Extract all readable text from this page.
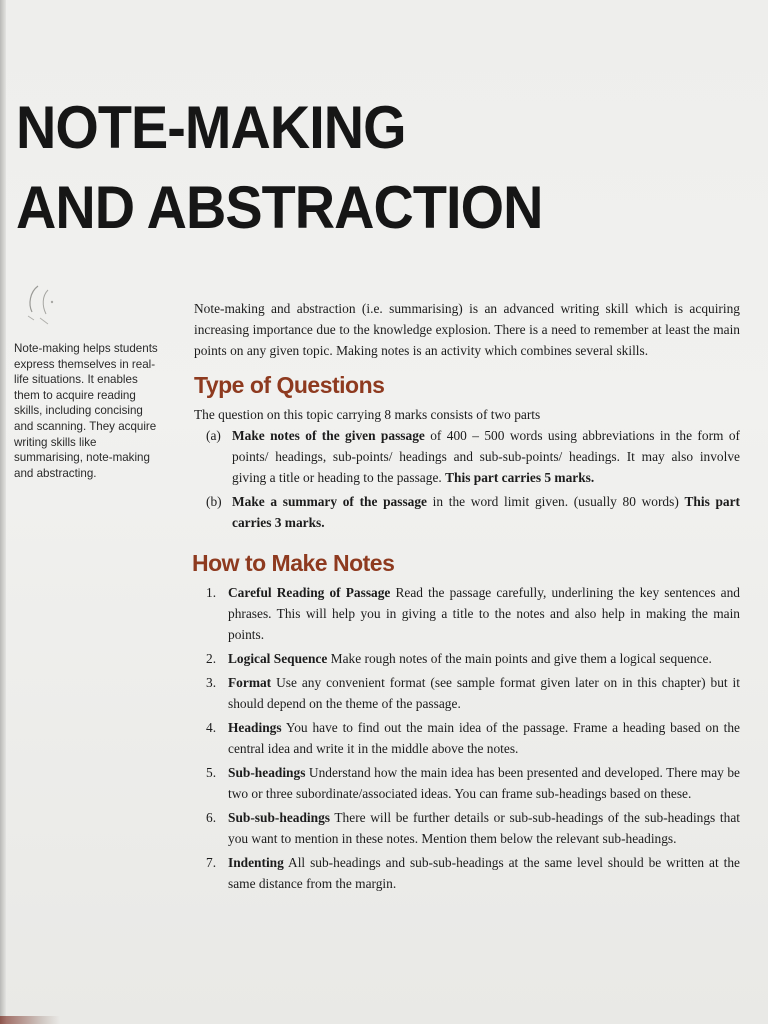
NOTE-MAKING
AND ABSTRACTION

Note-making helps students express themselves in real-life situations. It enables them to acquire reading skills, including concising and scanning. They acquire writing skills like summarising, note-making and abstracting.

Note-making and abstraction (i.e. summarising) is an advanced writing skill which is acquiring increasing importance due to the knowledge explosion. There is a need to remember at least the main points on any given topic. Making notes is an activity which combines several skills.

Type of Questions

The question on this topic carrying 8 marks consists of two parts

(a) Make notes of the given passage of 400 – 500 words using abbreviations in the form of points/ headings, sub-points/ headings and sub-sub-points/ headings. It may also involve giving a title or heading to the passage. This part carries 5 marks.
(b) Make a summary of the passage in the word limit given. (usually 80 words) This part carries 3 marks.
How to Make Notes
1. Careful Reading of Passage Read the passage carefully, underlining the key sentences and phrases. This will help you in giving a title to the notes and also help in making the main points.
2. Logical Sequence Make rough notes of the main points and give them a logical sequence.
3. Format Use any convenient format (see sample format given later on in this chapter) but it should depend on the theme of the passage.
4. Headings You have to find out the main idea of the passage. Frame a heading based on the central idea and write it in the middle above the notes.
5. Sub-headings Understand how the main idea has been presented and developed. There may be two or three subordinate/associated ideas. You can frame sub-headings based on these.
6. Sub-sub-headings There will be further details or sub-sub-headings of the sub-headings that you want to mention in these notes. Mention them below the relevant sub-headings.
7. Indenting All sub-headings and sub-sub-headings at the same level should be written at the same distance from the margin.
